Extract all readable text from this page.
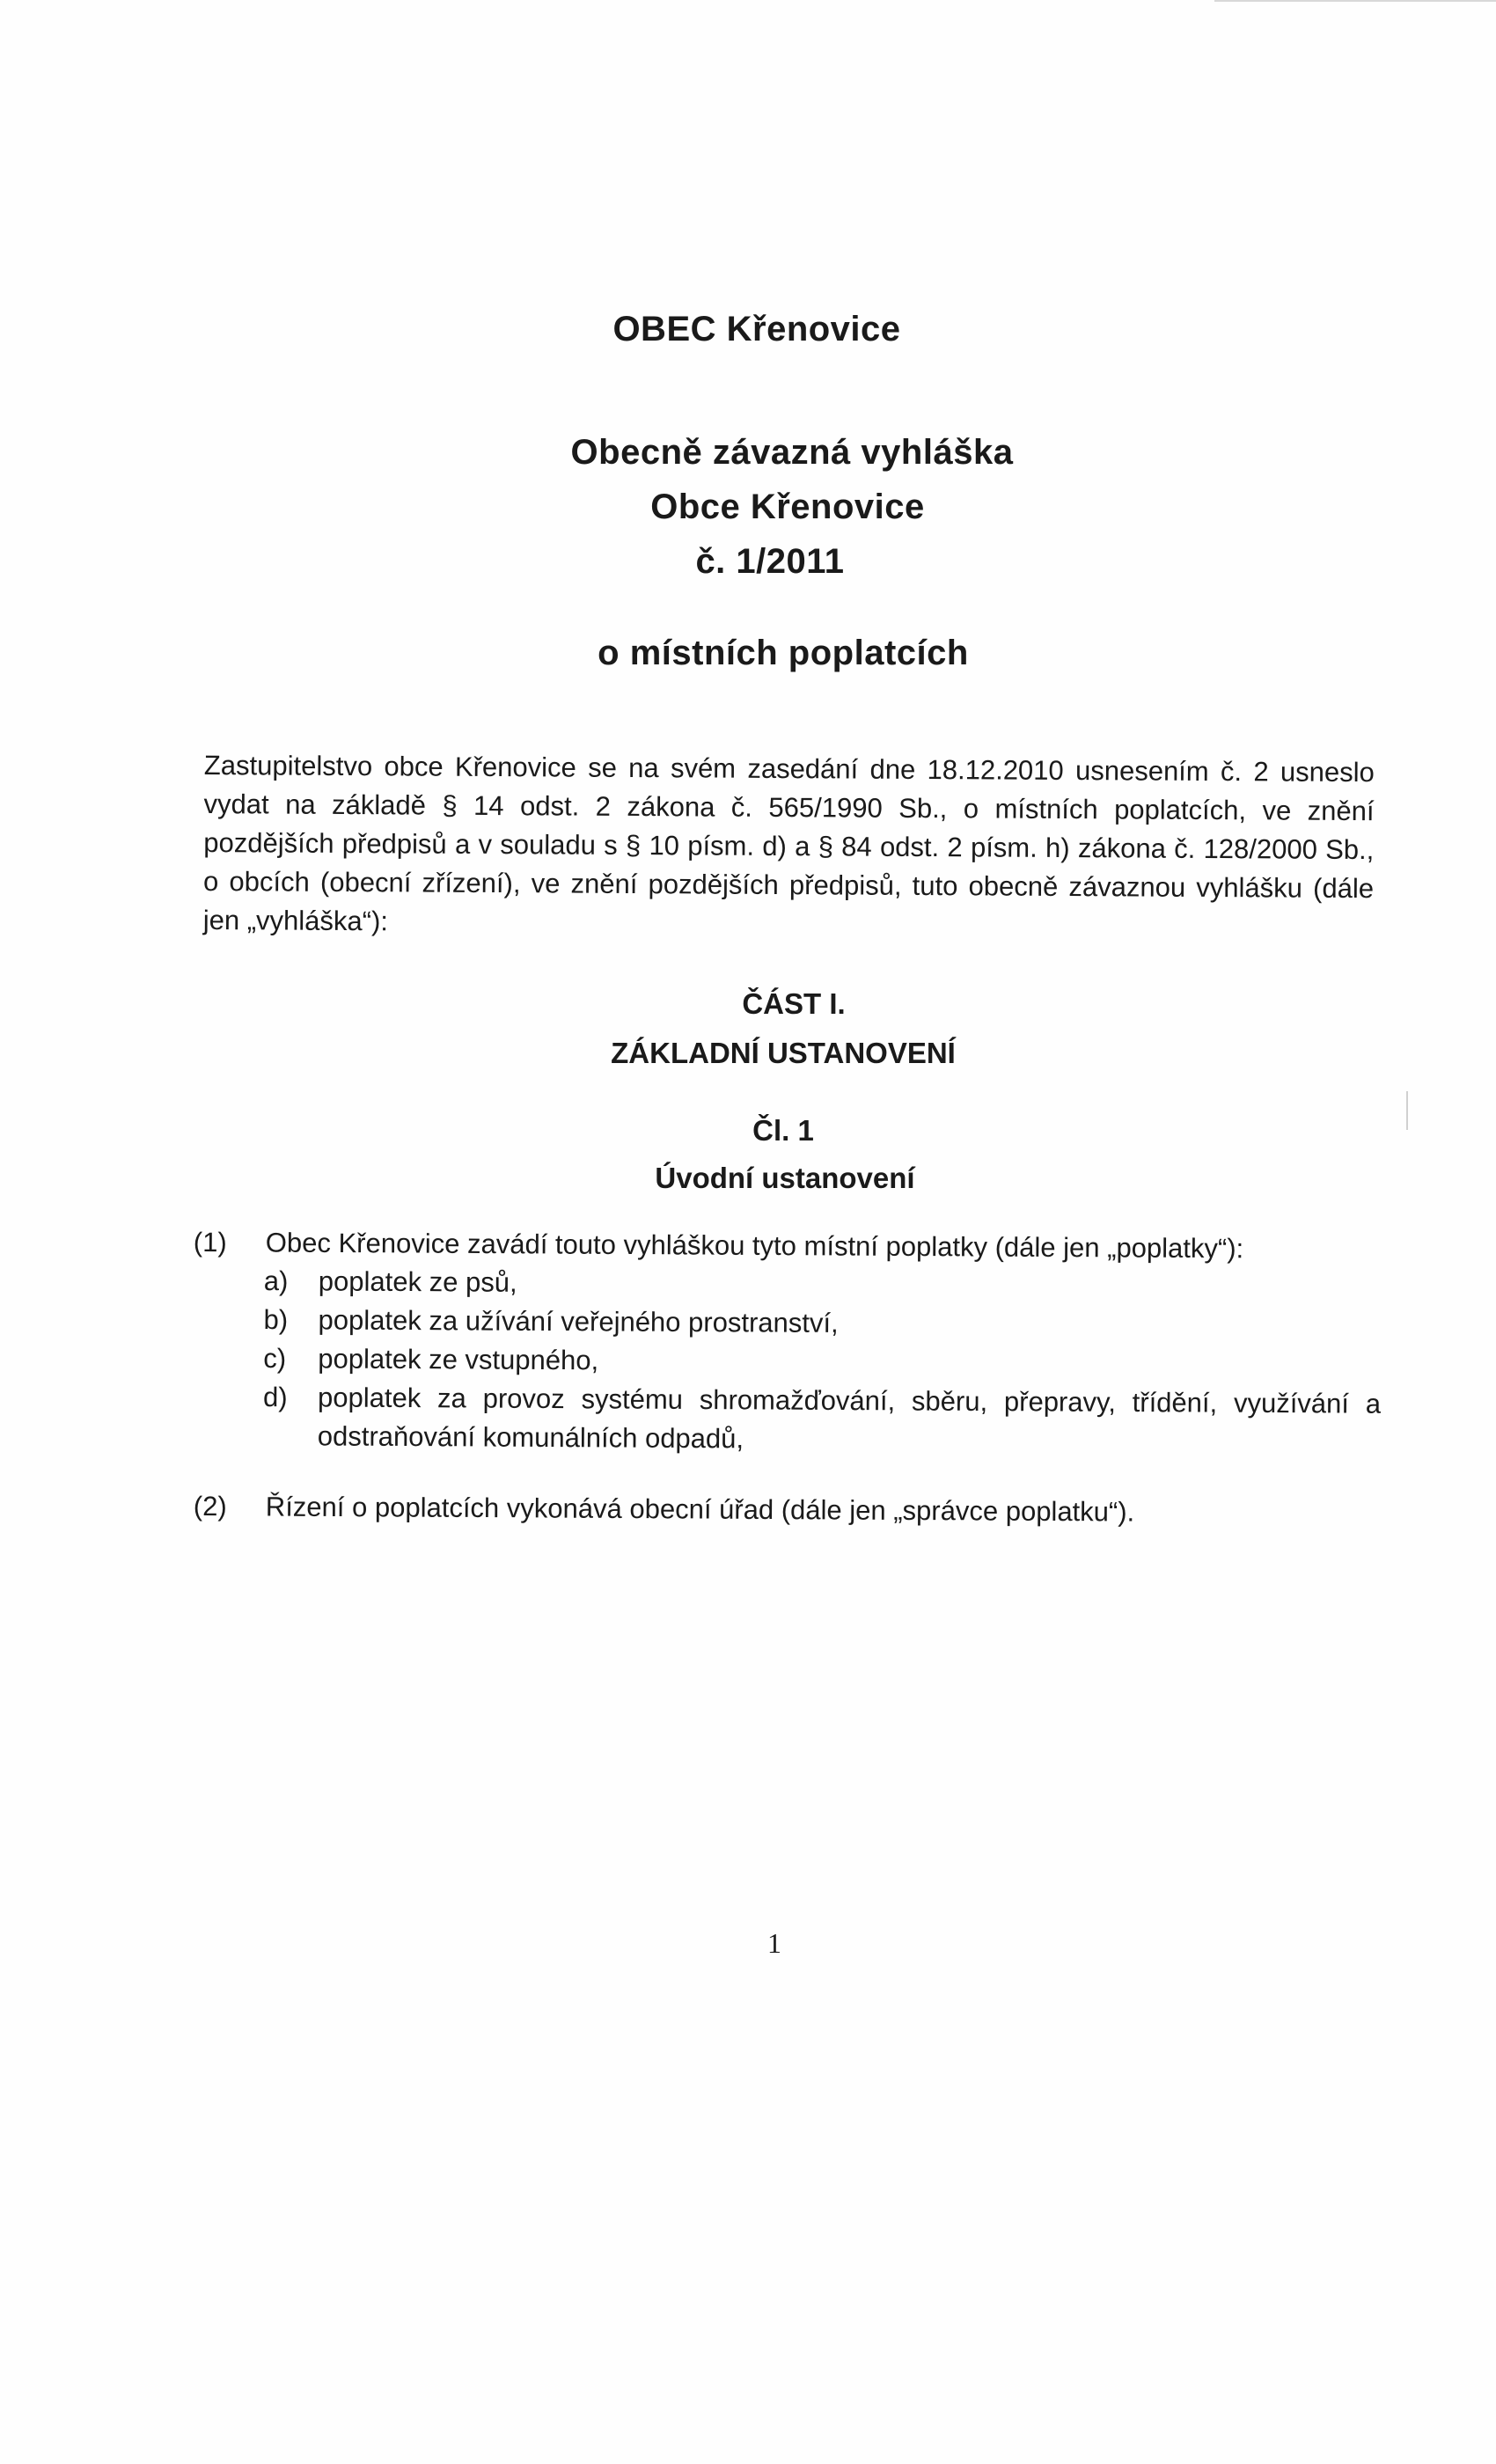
OBEC Křenovice
Obecně závazná vyhláška
Obce Křenovice
č. 1/2011
o místních poplatcích
Zastupitelstvo obce Křenovice se na svém zasedání dne 18.12.2010 usnesením č. 2 usneslo vydat na základě § 14 odst. 2 zákona č. 565/1990 Sb., o místních poplatcích, ve znění pozdějších předpisů a v souladu s § 10 písm. d) a § 84 odst. 2 písm. h) zákona č. 128/2000 Sb., o obcích (obecní zřízení), ve znění pozdějších předpisů, tuto obecně závaznou vyhlášku (dále jen „vyhláška“):
ČÁST I.
ZÁKLADNÍ USTANOVENÍ
Čl. 1
Úvodní ustanovení
(1) Obec Křenovice zavádí touto vyhláškou tyto místní poplatky (dále jen „poplatky“):
a) poplatek ze psů,
b) poplatek za užívání veřejného prostranství,
c) poplatek ze vstupného,
d) poplatek za provoz systému shromažďování, sběru, přepravy, třídění, využívání a odstraňování komunálních odpadů,
(2) Řízení o poplatcích vykonává obecní úřad (dále jen „správce poplatku“).
1
